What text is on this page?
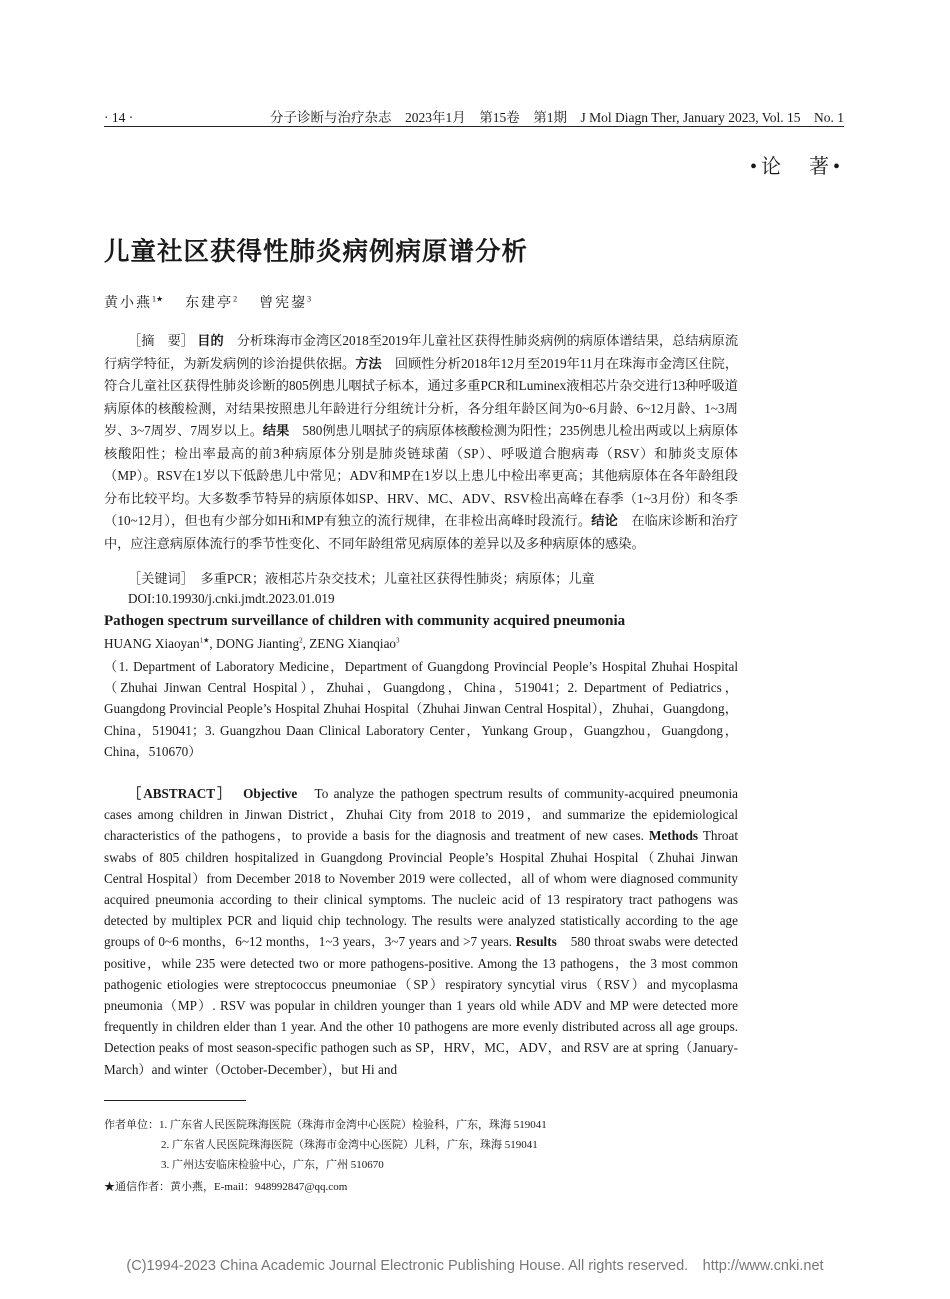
· 14 ·	分子诊断与治疗杂志　2023年1月　第15卷　第1期　J Mol Diagn Ther, January 2023, Vol. 15　No. 1
•论　著•
儿童社区获得性肺炎病例病原谱分析
黄小燕$^{1★}$ 东建亭$^2$ 曾宪鋆$^3$

［摘　要］ 目的　分析珠海市金湾区2018至2019年儿童社区获得性肺炎病例的病原体谱结果，总结病原流行病学特征，为新发病例的诊治提供依据。方法　回顾性分析2018年12月至2019年11月在珠海市金湾区住院，符合儿童社区获得性肺炎诊断的805例患儿咽拭子标本，通过多重PCR和Luminex液相芯片杂交进行13种呼吸道病原体的核酸检测，对结果按照患儿年龄进行分组统计分析，各分组年龄区间为0~6月龄、6~12月龄、1~3周岁、3~7周岁、7周岁以上。结果　580例患儿咽拭子的病原体核酸检测为阳性；235例患儿检出两或以上病原体核酸阳性；检出率最高的前3种病原体分别是肺炎链球菌（SP）、呼吸道合胞病毒（RSV）和肺炎支原体（MP）。RSV在1岁以下低龄患儿中常见；ADV和MP在1岁以上患儿中检出率更高；其他病原体在各年龄组段分布比较平均。大多数季节特异的病原体如SP、HRV、MC、ADV、RSV检出高峰在春季（1~3月份）和冬季（10~12月），但也有少部分如Hi和MP有独立的流行规律，在非检出高峰时段流行。结论　在临床诊断和治疗中，应注意病原体流行的季节性变化、不同年龄组常见病原体的差异以及多种病原体的感染。

［关键词］　多重PCR；液相芯片杂交技术；儿童社区获得性肺炎；病原体；儿童
DOI:10.19930/j.cnki.jmdt.2023.01.019
Pathogen spectrum surveillance of children with community acquired pneumonia
HUANG Xiaoyan$^{1★}$, DONG Jianting$^2$, ZENG Xianqiao$^3$
（1. Department of Laboratory Medicine，Department of Guangdong Provincial People’s Hospital Zhuhai Hospital（Zhuhai Jinwan Central Hospital），Zhuhai，Guangdong，China，519041；2. Department of Pediatrics，Guangdong Provincial People’s Hospital Zhuhai Hospital（Zhuhai Jinwan Central Hospital），Zhuhai，Guangdong，China，519041；3. Guangzhou Daan Clinical Laboratory Center，Yunkang Group，Guangzhou，Guangdong，China，510670）

［ABSTRACT］ Objective　To analyze the pathogen spectrum results of community-acquired pneumonia cases among children in Jinwan District，Zhuhai City from 2018 to 2019，and summarize the epidemiological characteristics of the pathogens，to provide a basis for the diagnosis and treatment of new cases. Methods Throat swabs of 805 children hospitalized in Guangdong Provincial People’s Hospital Zhuhai Hospital（Zhuhai Jinwan Central Hospital）from December 2018 to November 2019 were collected，all of whom were diagnosed community acquired pneumonia according to their clinical symptoms. The nucleic acid of 13 respiratory tract pathogens was detected by multiplex PCR and liquid chip technology. The results were analyzed statistically according to the age groups of 0~6 months，6~12 months，1~3 years，3~7 years and >7 years. Results　580 throat swabs were detected positive，while 235 were detected two or more pathogens-positive. Among the 13 pathogens，the 3 most common pathogenic etiologies were streptococcus pneumoniae（SP）respiratory syncytial virus（RSV）and mycoplasma pneumonia（MP）. RSV was popular in children younger than 1 years old while ADV and MP were detected more frequently in children elder than 1 year. And the other 10 pathogens are more evenly distributed across all age groups. Detection peaks of most season-specific pathogen such as SP，HRV，MC，ADV，and RSV are at spring（January-March）and winter（October-December），but Hi and

作者单位：1. 广东省人民医院珠海医院（珠海市金湾中心医院）检验科，广东，珠海 519041
2. 广东省人民医院珠海医院（珠海市金湾中心医院）儿科，广东，珠海 519041
3. 广州达安临床检验中心，广东，广州 510670
★通信作者：黄小燕，E-mail：948992847@qq.com
(C)1994-2023 China Academic Journal Electronic Publishing House. All rights reserved.　http://www.cnki.net
